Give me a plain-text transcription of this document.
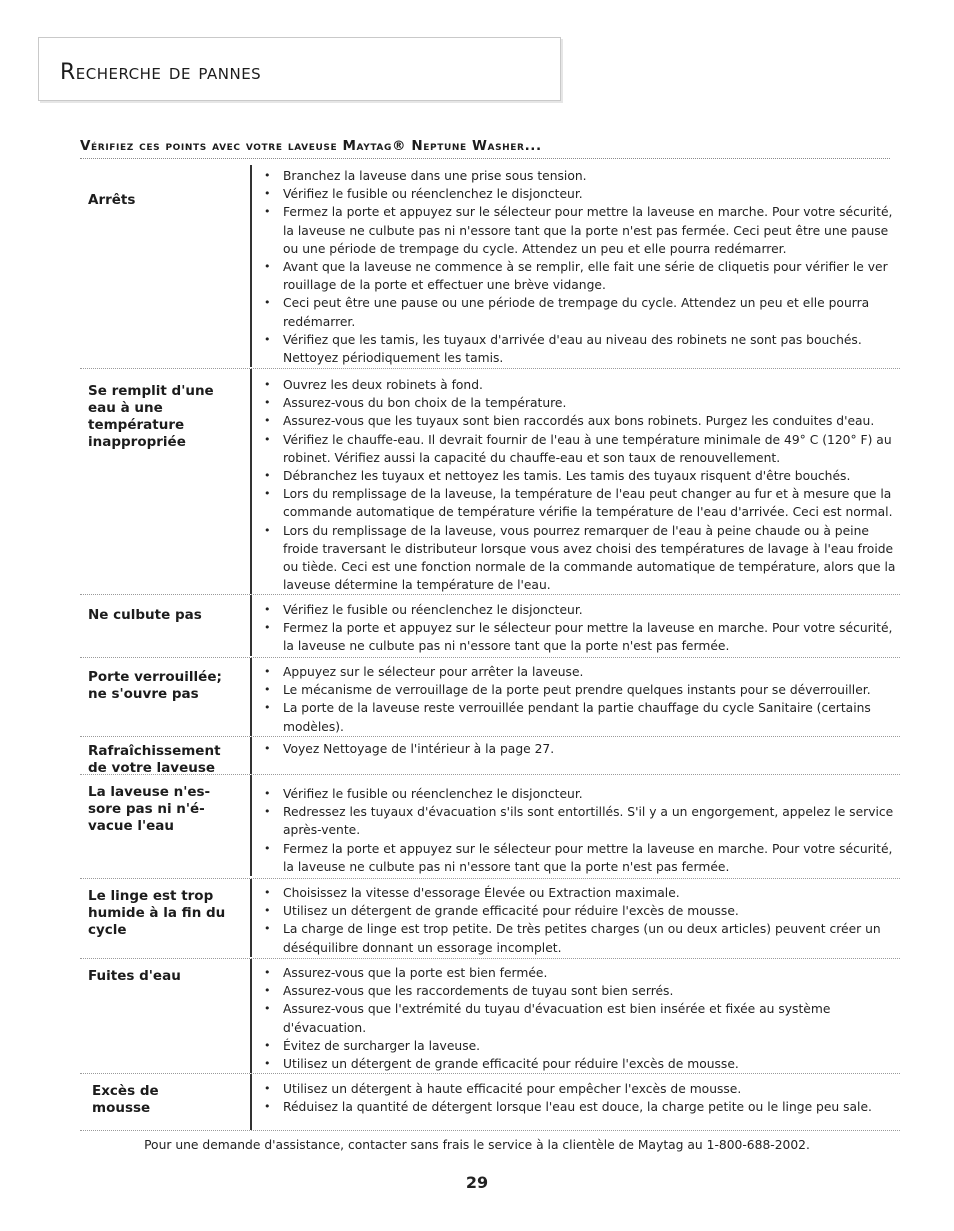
Recherche de pannes
Vérifiez ces points avec votre laveuse Maytag® Neptune Washer...
Arrêts
• Branchez la laveuse dans une prise sous tension.
• Vérifiez le fusible ou réenclenchez le disjoncteur.
• Fermez la porte et appuyez sur le sélecteur pour mettre la laveuse en marche. Pour votre sécurité, la laveuse ne culbute pas ni n'essore tant que la porte n'est pas fermée. Ceci peut être une pause ou une période de trempage du cycle. Attendez un peu et elle pourra redémarrer.
• Avant que la laveuse ne commence à se remplir, elle fait une série de cliquetis pour vérifier le ver rouillage de la porte et effectuer une brève vidange.
• Ceci peut être une pause ou une période de trempage du cycle. Attendez un peu et elle pourra redémarrer.
• Vérifiez que les tamis, les tuyaux d'arrivée d'eau au niveau des robinets ne sont pas bouchés. Nettoyez périodiquement les tamis.
Se remplit d'une eau à une température inappropriée
• Ouvrez les deux robinets à fond.
• Assurez-vous du bon choix de la température.
• Assurez-vous que les tuyaux sont bien raccordés aux bons robinets. Purgez les conduites d'eau.
• Vérifiez le chauffe-eau. Il devrait fournir de l'eau à une température minimale de 49° C (120° F) au robinet. Vérifiez aussi la capacité du chauffe-eau et son taux de renouvellement.
• Débranchez les tuyaux et nettoyez les tamis. Les tamis des tuyaux risquent d'être bouchés.
• Lors du remplissage de la laveuse, la température de l'eau peut changer au fur et à mesure que la commande automatique de température vérifie la température de l'eau d'arrivée. Ceci est normal.
• Lors du remplissage de la laveuse, vous pourrez remarquer de l'eau à peine chaude ou à peine froide traversant le distributeur lorsque vous avez choisi des températures de lavage à l'eau froide ou tiède. Ceci est une fonction normale de la commande automatique de température, alors que la laveuse détermine la température de l'eau.
Ne culbute pas	• Vérifiez le fusible ou réenclenchez le disjoncteur.
• Fermez la porte et appuyez sur le sélecteur pour mettre la laveuse en marche. Pour votre sécurité, la laveuse ne culbute pas ni n'essore tant que la porte n'est pas fermée.
Porte verrouillée; ne s'ouvre pas
• Appuyez sur le sélecteur pour arrêter la laveuse.
• Le mécanisme de verrouillage de la porte peut prendre quelques instants pour se déverrouiller.
• La porte de la laveuse reste verrouillée pendant la partie chauffage du cycle Sanitaire (certains modèles).
Rafraîchissement de votre laveuse
• Voyez Nettoyage de l'intérieur à la page 27.
La laveuse n'es-sore pas ni n'é-vacue l'eau
• Vérifiez le fusible ou réenclenchez le disjoncteur.
• Redressez les tuyaux d'évacuation s'ils sont entortillés. S'il y a un engorgement, appelez le service après-vente.
• Fermez la porte et appuyez sur le sélecteur pour mettre la laveuse en marche. Pour votre sécurité, la laveuse ne culbute pas ni n'essore tant que la porte n'est pas fermée.
Le linge est trop humide à la fin du cycle
• Choisissez la vitesse d'essorage Élevée ou Extraction maximale.
• Utilisez un détergent de grande efficacité pour réduire l'excès de mousse.
• La charge de linge est trop petite. De très petites charges (un ou deux articles) peuvent créer un déséquilibre donnant un essorage incomplet.
Fuites d'eau	• Assurez-vous que la porte est bien fermée.
• Assurez-vous que les raccordements de tuyau sont bien serrés.
• Assurez-vous que l'extrémité du tuyau d'évacuation est bien insérée et fixée au système d'évacuation.
• Évitez de surcharger la laveuse.
• Utilisez un détergent de grande efficacité pour réduire l'excès de mousse.
Excès de mousse
• Utilisez un détergent à haute efficacité pour empêcher l'excès de mousse.
• Réduisez la quantité de détergent lorsque l'eau est douce, la charge petite ou le linge peu sale.
Pour une demande d'assistance, contacter sans frais le service à la clientèle de Maytag au 1-800-688-2002.
29
